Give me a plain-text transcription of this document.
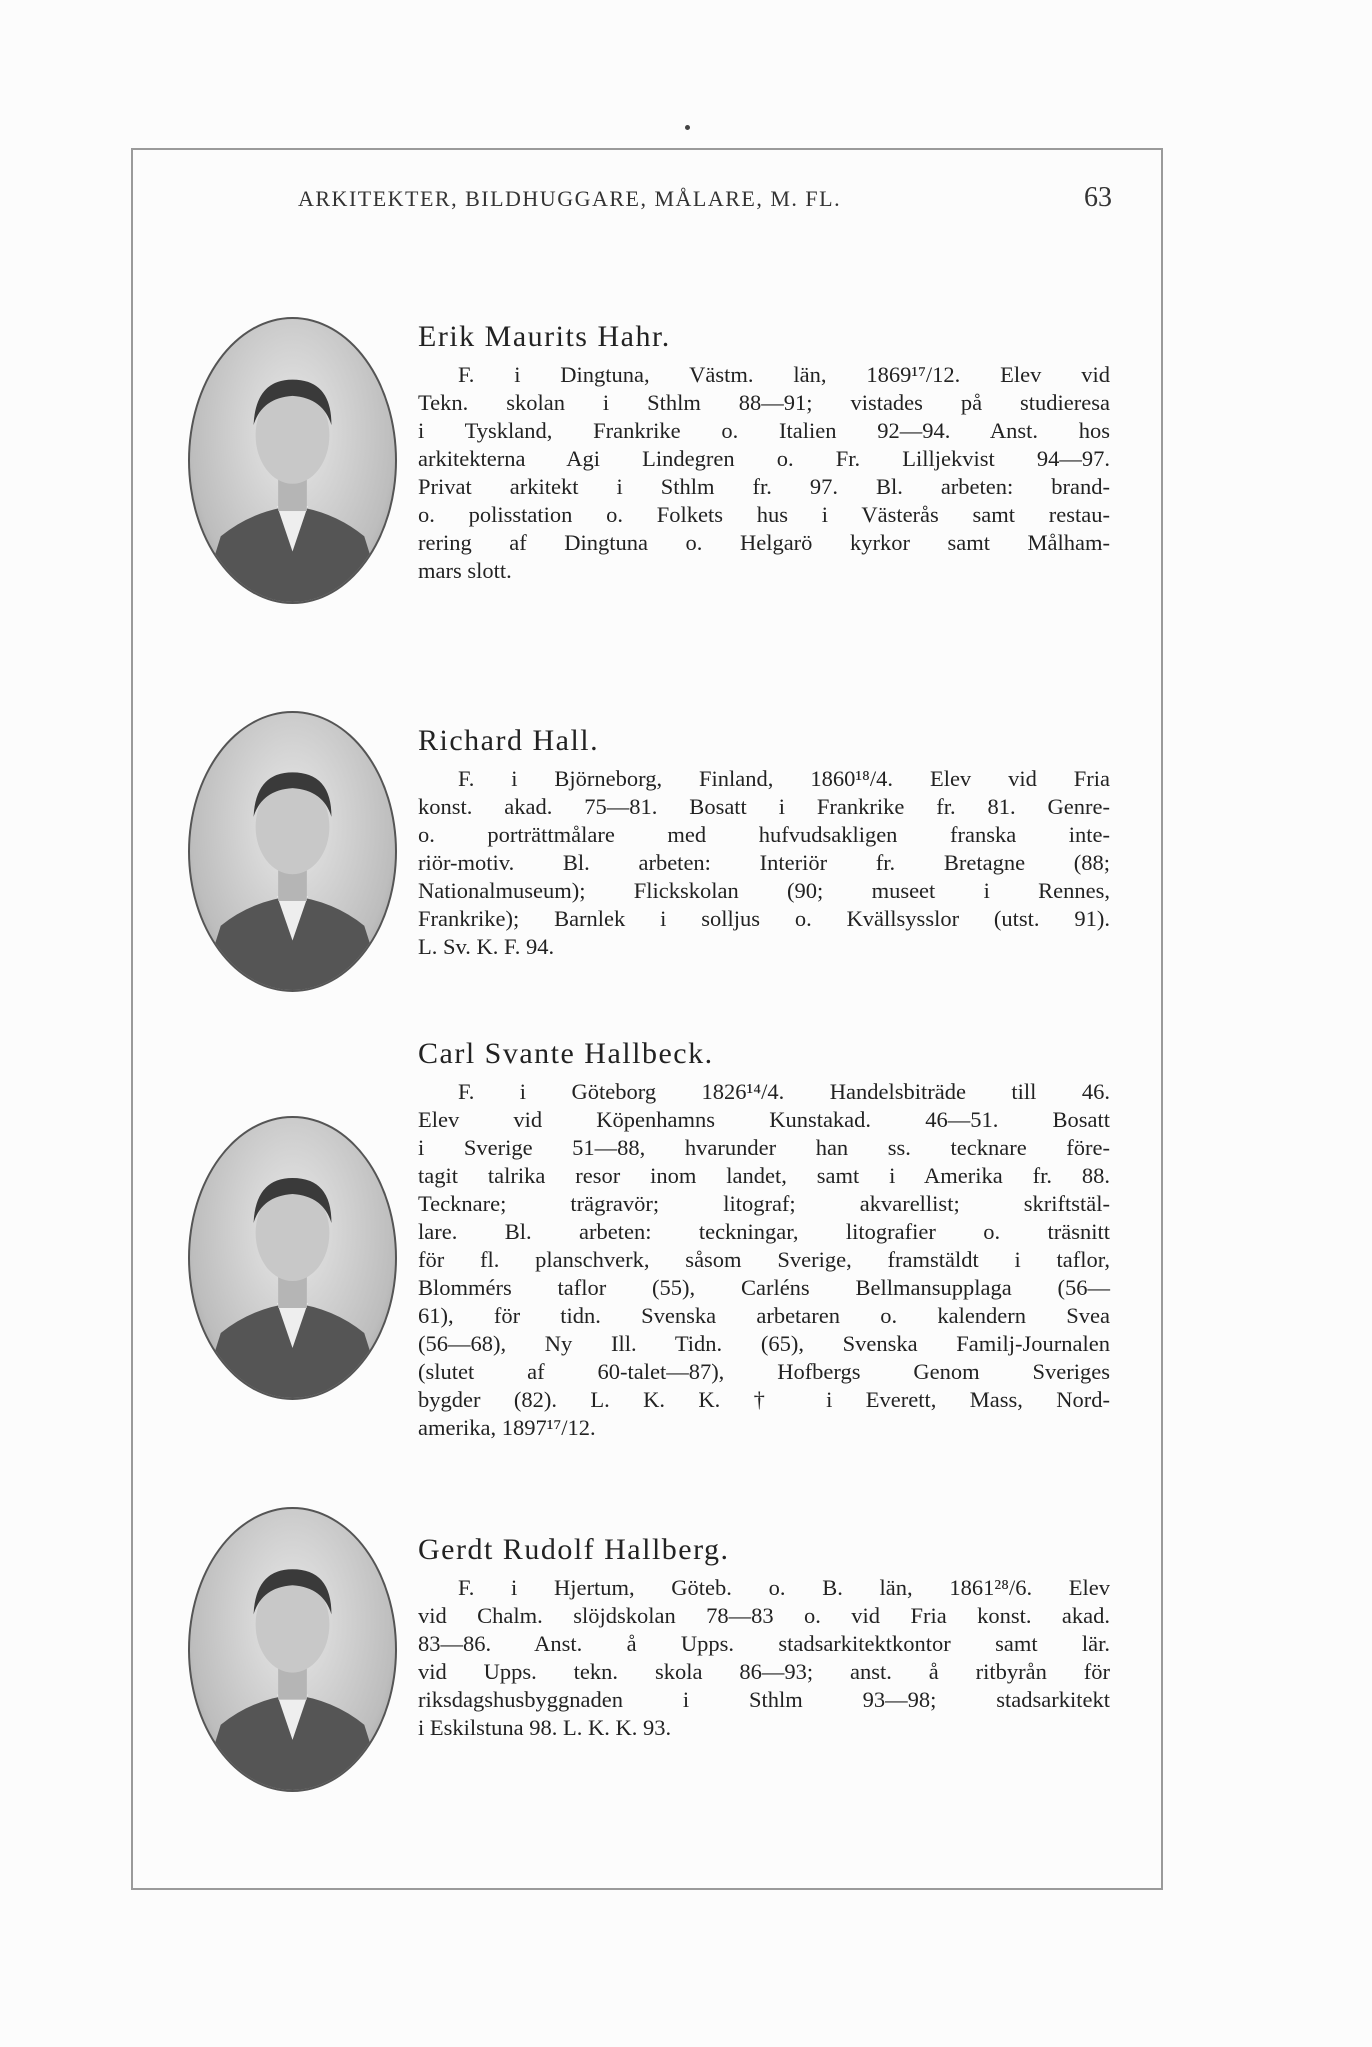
ARKITEKTER, BILDHUGGARE, MÅLARE, M. FL.	63
Erik Maurits Hahr.
F. i Dingtuna, Västm. län, 1869¹⁷/12. Elev vid
Tekn. skolan i Sthlm 88—91; vistades på studieresa
i Tyskland, Frankrike o. Italien 92—94. Anst. hos
arkitekterna Agi Lindegren o. Fr. Lilljekvist 94—97.
Privat arkitekt i Sthlm fr. 97. Bl. arbeten: brand-
o. polisstation o. Folkets hus i Västerås samt restau-
rering af Dingtuna o. Helgarö kyrkor samt Målham-
mars slott.
Richard Hall.
F. i Björneborg, Finland, 1860¹⁸/4. Elev vid Fria
konst. akad. 75—81. Bosatt i Frankrike fr. 81. Genre-
o. porträttmålare med hufvudsakligen franska inte-
riör-motiv. Bl. arbeten: Interiör fr. Bretagne (88;
Nationalmuseum); Flickskolan (90; museet i Rennes,
Frankrike); Barnlek i solljus o. Kvällsysslor (utst. 91).
L. Sv. K. F. 94.
Carl Svante Hallbeck.
F. i Göteborg 1826¹⁴/4. Handelsbiträde till 46.
Elev vid Köpenhamns Kunstakad. 46—51. Bosatt
i Sverige 51—88, hvarunder han ss. tecknare före-
tagit talrika resor inom landet, samt i Amerika fr. 88.
Tecknare; trägravör; litograf; akvarellist; skriftstäl-
lare. Bl. arbeten: teckningar, litografier o. träsnitt
för fl. planschverk, såsom Sverige, framstäldt i taflor,
Blommérs taflor (55), Carléns Bellmansupplaga (56—
61), för tidn. Svenska arbetaren o. kalendern Svea
(56—68), Ny Ill. Tidn. (65), Svenska Familj-Journalen
(slutet af 60-talet—87), Hofbergs Genom Sveriges
bygder (82). L. K. K. † i Everett, Mass, Nord-
amerika, 1897¹⁷/12.
Gerdt Rudolf Hallberg.
F. i Hjertum, Göteb. o. B. län, 1861²⁸/6. Elev
vid Chalm. slöjdskolan 78—83 o. vid Fria konst. akad.
83—86. Anst. å Upps. stadsarkitektkontor samt lär.
vid Upps. tekn. skola 86—93; anst. å ritbyrån för
riksdagshusbyggnaden i Sthlm 93—98; stadsarkitekt
i Eskilstuna 98. L. K. K. 93.
